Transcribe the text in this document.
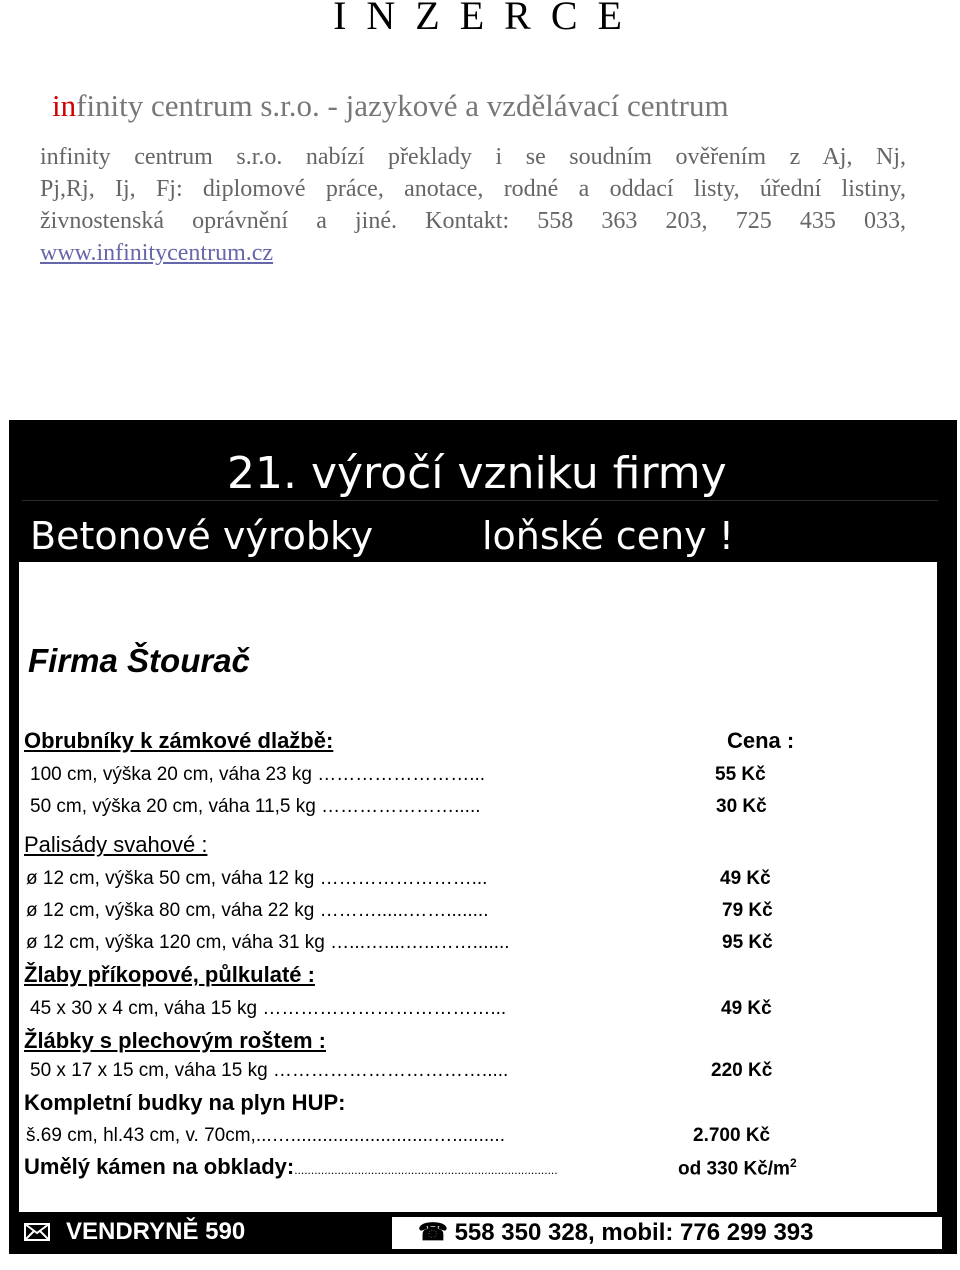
I N Z E R C E
infinity centrum s.r.o. - jazykové a vzdělávací centrum
infinity centrum s.r.o. nabízí překlady i se soudním ověřením z Aj, Nj,
Pj,Rj, Ij, Fj: diplomové práce, anotace, rodné a oddací listy, úřední listiny,
živnostenská oprávnění a jiné. Kontakt: 558 363 203, 725 435 033,
www.infinitycentrum.cz
21. výročí vzniku firmy
Betonové výrobky	loňské ceny !
Firma Štourač
Cena :
Obrubníky k zámkové dlažbě:
100 cm, výška 20 cm, váha 23 kg ……………………...	55 Kč
50 cm, výška 20 cm, váha 11,5 kg ………………….....	30 Kč
Palisády svahové :
ø 12 cm, výška 50 cm, váha 12 kg ……………………...	49 Kč
ø 12 cm, výška 80 cm, váha 22 kg ………......……........	79 Kč
ø 12 cm, výška 120 cm, váha 31 kg …...…....…..…….......	95 Kč
Žlaby příkopové, půlkulaté :
45 x 30 x 4 cm, váha 15 kg ………………………………...	49 Kč
Žlábky s plechovým roštem :
50 x 17 x 15 cm, váha 15 kg …………………………….....	220 Kč
Kompletní budky na plyn HUP:
š.69 cm, hl.43 cm, v. 70cm,...…...........................…..........	2.700 Kč
Umělý kámen na obklady:...............................................................................	od 330 $Kč/m^2$
VENDRYNĚ 590	☎ 558 350 328, mobil: 776 299 393
